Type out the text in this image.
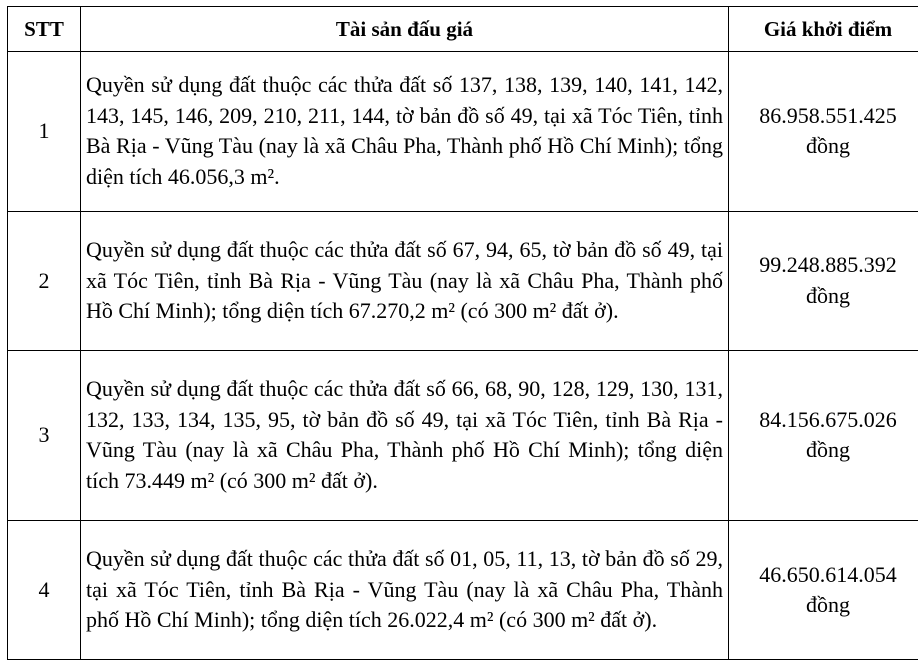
STT	Tài sản đấu giá	Giá khởi điểm
1	Quyền sử dụng đất thuộc các thửa đất số 137, 138, 139, 140, 141, 142, 143, 145, 146, 209, 210, 211, 144, tờ bản đồ số 49, tại xã Tóc Tiên, tỉnh Bà Rịa - Vũng Tàu (nay là xã Châu Pha, Thành phố Hồ Chí Minh); tổng diện tích 46.056,3 m².	86.958.551.425
đồng

2	Quyền sử dụng đất thuộc các thửa đất số 67, 94, 65, tờ bản đồ số 49, tại xã Tóc Tiên, tỉnh Bà Rịa - Vũng Tàu (nay là xã Châu Pha, Thành phố Hồ Chí Minh); tổng diện tích 67.270,2 m² (có 300 m² đất ở).	99.248.885.392
đồng

3	Quyền sử dụng đất thuộc các thửa đất số 66, 68, 90, 128, 129, 130, 131, 132, 133, 134, 135, 95, tờ bản đồ số 49, tại xã Tóc Tiên, tỉnh Bà Rịa - Vũng Tàu (nay là xã Châu Pha, Thành phố Hồ Chí Minh); tổng diện tích 73.449 m² (có 300 m² đất ở).	84.156.675.026
đồng

4	Quyền sử dụng đất thuộc các thửa đất số 01, 05, 11, 13, tờ bản đồ số 29, tại xã Tóc Tiên, tỉnh Bà Rịa - Vũng Tàu (nay là xã Châu Pha, Thành phố Hồ Chí Minh); tổng diện tích 26.022,4 m² (có 300 m² đất ở).	46.650.614.054
đồng
